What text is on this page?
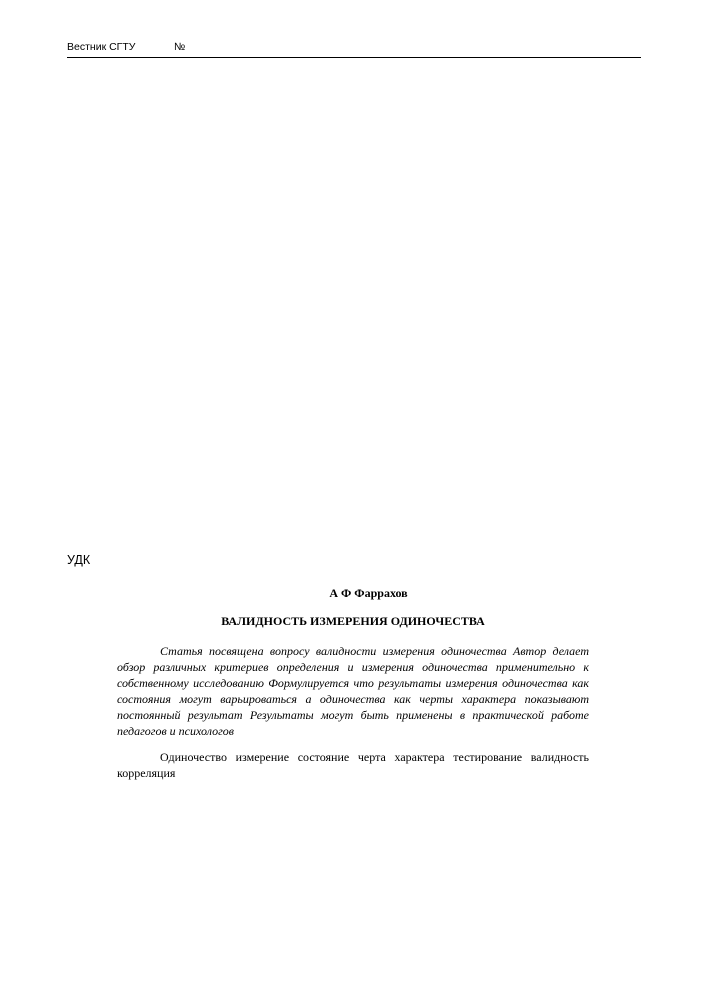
Вестник СГТУ	№
УДК
А Ф Фаррахов
ВАЛИДНОСТЬ ИЗМЕРЕНИЯ ОДИНОЧЕСТВА

Статья посвящена вопросу валидности измерения одиночества Автор делает обзор различных критериев определения и измерения одиночества применительно к собственному исследованию Формулируется что результаты измерения одиночества как состояния могут варьироваться а одиночества как черты характера показывают постоянный результат Результаты могут быть применены в практической работе педагогов и психологов

Одиночество измерение состояние черта характера тестирование валидность корреляция
